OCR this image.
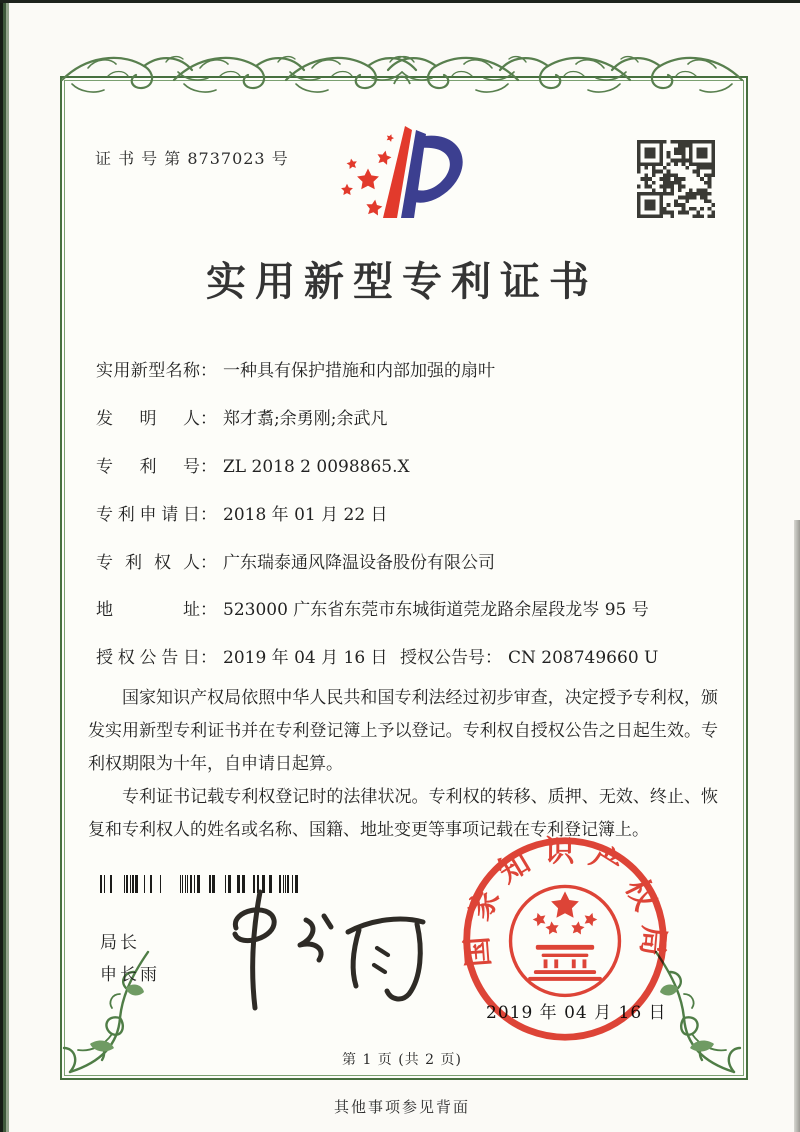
证 书 号 第 8737023 号
实用新型专利证书
实用新型名称： 一种具有保护措施和内部加强的扇叶
发明人： 郑才翥;余勇刚;余武凡
专利号： ZL 2018 2 0098865.X
专利申请日： 2018 年 01 月 22 日
专利权人： 广东瑞泰通风降温设备股份有限公司
地址： 523000 广东省东莞市东城街道莞龙路余屋段龙岑 95 号
授权公告日： 2019 年 04 月 16 日 授权公告号： CN 208749660 U

国家知识产权局依照中华人民共和国专利法经过初步审查，决定授予专利权，颁发实用新型专利证书并在专利登记簿上予以登记。专利权自授权公告之日起生效。专利权期限为十年，自申请日起算。

专利证书记载专利权登记时的法律状况。专利权的转移、质押、无效、终止、恢复和专利权人的姓名或名称、国籍、地址变更等事项记载在专利登记簿上。

局长
申长雨
国家知识产权局
2019 年 04 月 16 日
第 1 页 (共 2 页)
其他事项参见背面
